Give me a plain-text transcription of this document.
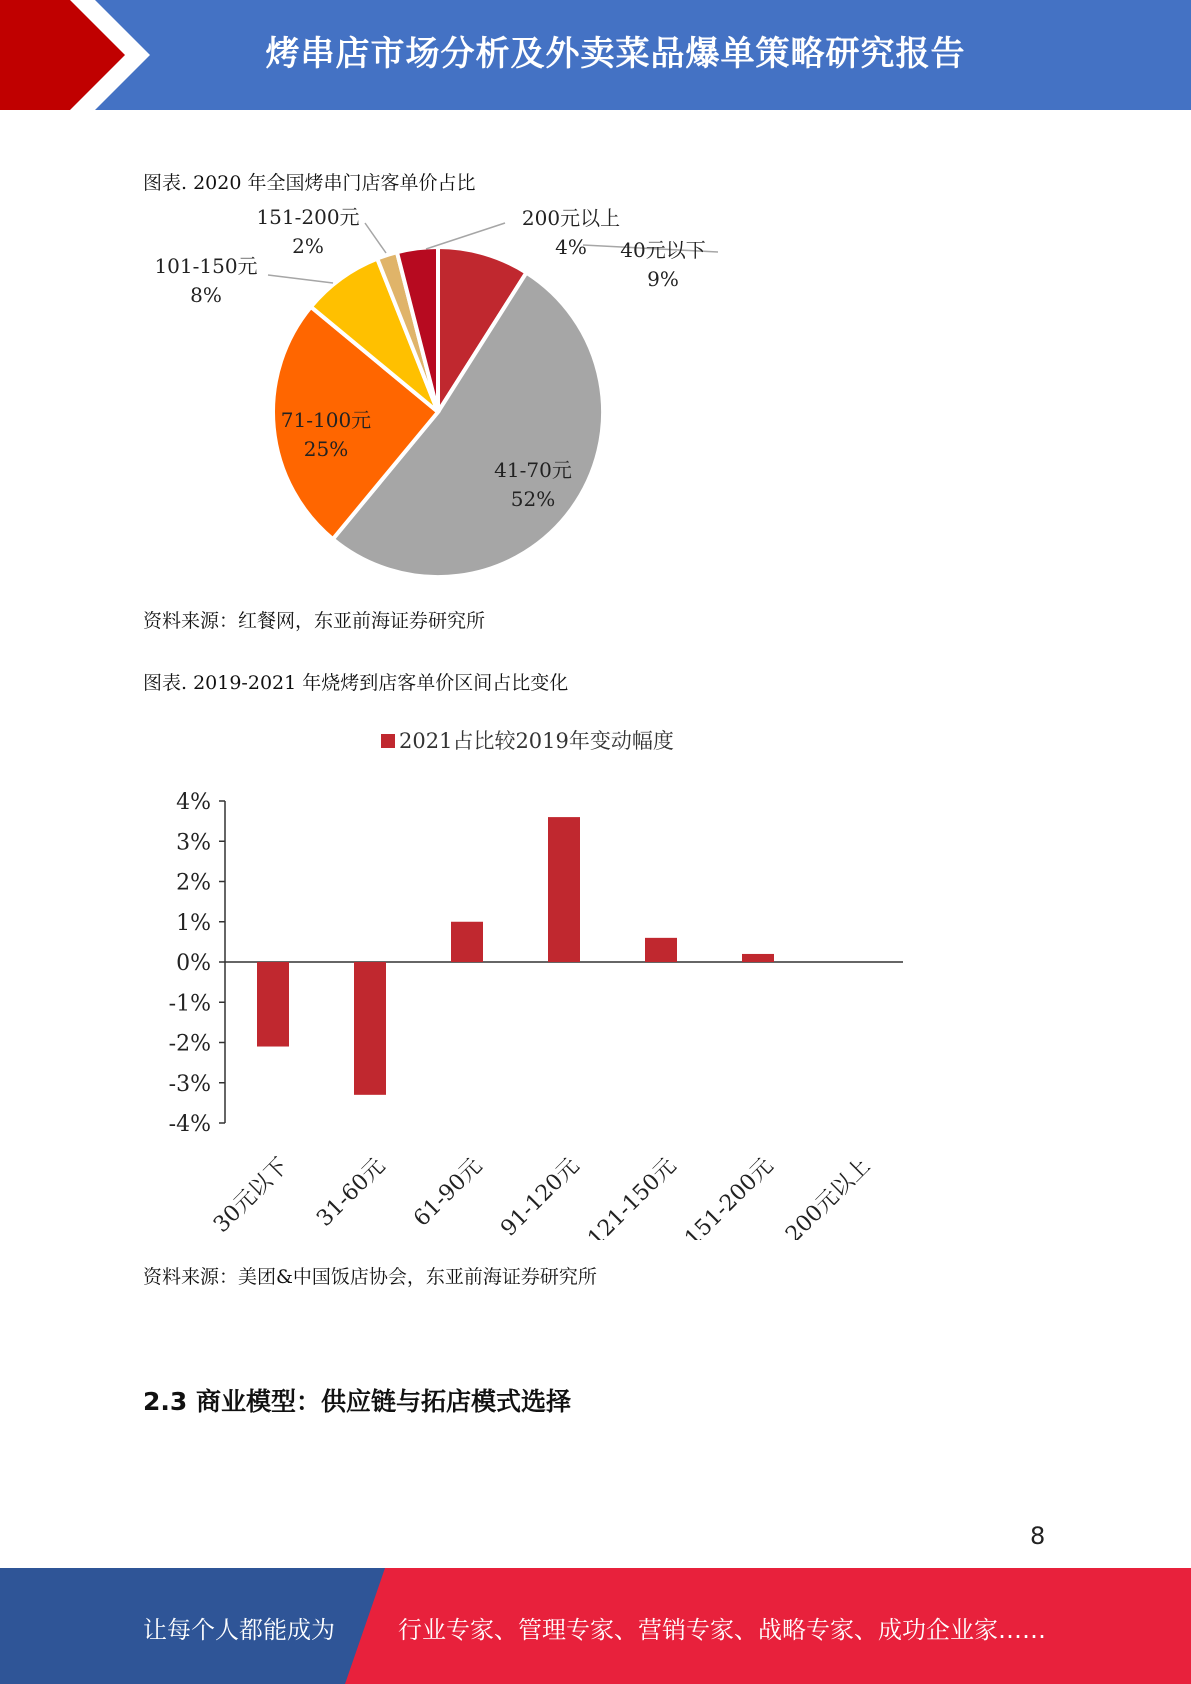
烤串店市场分析及外卖菜品爆单策略研究报告
图表. 2020 年全国烤串门店客单价占比
40元以下
9%
41-70元
52%
71-100元
25%
101-150元
8%
151-200元
2%
200元以上
4%
资料来源：红餐网，东亚前海证券研究所
图表. 2019-2021 年烧烤到店客单价区间占比变化
2021占比较2019年变动幅度
4%
3%
2%
1%
0%
-1%
-2%
-3%
-4%
30元以下 31-60元 61-90元 91-120元 121-150元 151-200元 200元以上
资料来源：美团&中国饭店协会，东亚前海证券研究所
2.3 商业模型：供应链与拓店模式选择
8
让每个人都能成为	行业专家、管理专家、营销专家、战略专家、成功企业家……
